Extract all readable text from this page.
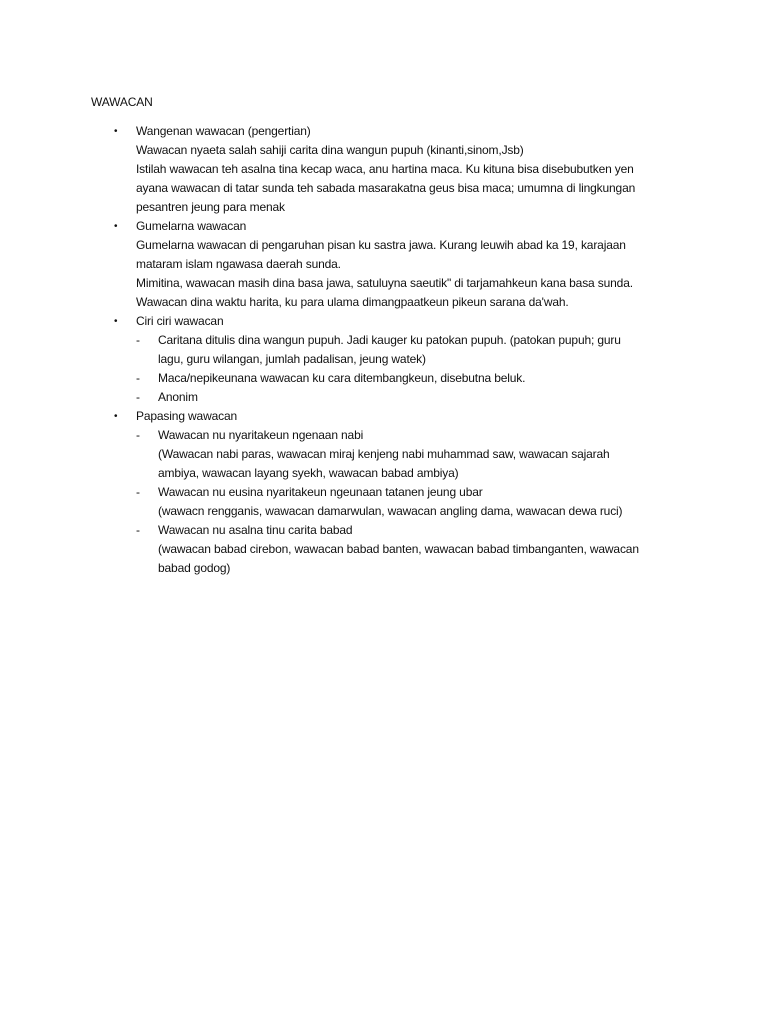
WAWACAN
•	Wangenan wawacan (pengertian)
Wawacan nyaeta salah sahiji carita dina wangun pupuh (kinanti,sinom,Jsb)
Istilah wawacan teh asalna tina kecap waca, anu hartina maca. Ku kituna bisa disebubutken yen
ayana wawacan di tatar sunda teh sabada masarakatna geus bisa maca; umumna di lingkungan
pesantren jeung para menak
•	Gumelarna wawacan
Gumelarna wawacan di pengaruhan pisan ku sastra jawa. Kurang leuwih abad ka 19, karajaan
mataram islam ngawasa daerah sunda.
Mimitina, wawacan masih dina basa jawa, satuluyna saeutik" di tarjamahkeun kana basa sunda.
Wawacan dina waktu harita, ku para ulama dimangpaatkeun pikeun sarana da'wah.
•	Ciri ciri wawacan
- Caritana ditulis dina wangun pupuh. Jadi kauger ku patokan pupuh. (patokan pupuh; guru
lagu, guru wilangan, jumlah padalisan, jeung watek)
- Maca/nepikeunana wawacan ku cara ditembangkeun, disebutna beluk.
- Anonim
•	Papasing wawacan
- Wawacan nu nyaritakeun ngenaan nabi
(Wawacan nabi paras, wawacan miraj kenjeng nabi muhammad saw, wawacan sajarah
ambiya, wawacan layang syekh, wawacan babad ambiya)
- Wawacan nu eusina nyaritakeun ngeunaan tatanen jeung ubar
(wawacn rengganis, wawacan damarwulan, wawacan angling dama, wawacan dewa ruci)
- Wawacan nu asalna tinu carita babad
(wawacan babad cirebon, wawacan babad banten, wawacan babad timbanganten, wawacan
babad godog)
